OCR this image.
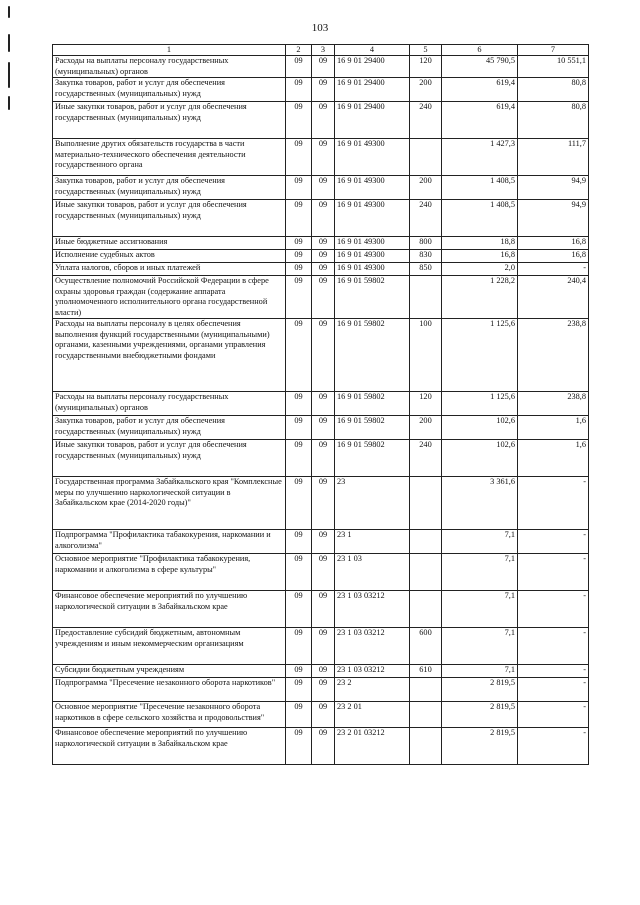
103
1	2	3	4	5	6	7
Расходы на выплаты персоналу государственных (муниципальных) органов	09	09	16 9 01 29400	120	45 790,5	10 551,1
Закупка товаров, работ и услуг для обеспечения государственных (муниципальных) нужд	09	09	16 9 01 29400	200	619,4	80,8
Иные закупки товаров, работ и услуг для обеспечения государственных (муниципальных) нужд	09	09	16 9 01 29400	240	619,4	80,8
Выполнение других обязательств государства в части материально-технического обеспечения деятельности государственного органа	09	09	16 9 01 49300		1 427,3	111,7
Закупка товаров, работ и услуг для обеспечения государственных (муниципальных) нужд	09	09	16 9 01 49300	200	1 408,5	94,9
Иные закупки товаров, работ и услуг для обеспечения государственных (муниципальных) нужд	09	09	16 9 01 49300	240	1 408,5	94,9
Иные бюджетные ассигнования	09	09	16 9 01 49300	800	18,8	16,8
Исполнение судебных актов	09	09	16 9 01 49300	830	16,8	16,8
Уплата налогов, сборов и иных платежей	09	09	16 9 01 49300	850	2,0	-
Осуществление полномочий Российской Федерации в сфере охраны здоровья граждан (содержание аппарата уполномоченного исполнительного органа государственной власти)	09	09	16 9 01 59802		1 228,2	240,4
Расходы на выплаты персоналу в целях обеспечения выполнения функций государственными (муниципальными) органами, казенными учреждениями, органами управления государственными внебюджетными фондами	09	09	16 9 01 59802	100	1 125,6	238,8
Расходы на выплаты персоналу государственных (муниципальных) органов	09	09	16 9 01 59802	120	1 125,6	238,8
Закупка товаров, работ и услуг для обеспечения государственных (муниципальных) нужд	09	09	16 9 01 59802	200	102,6	1,6
Иные закупки товаров, работ и услуг для обеспечения государственных (муниципальных) нужд	09	09	16 9 01 59802	240	102,6	1,6
Государственная программа Забайкальского края "Комплексные меры по улучшению наркологической ситуации в Забайкальском крае (2014-2020 годы)"	09	09	23		3 361,6	-
Подпрограмма "Профилактика табакокурения, наркомании и алкоголизма"	09	09	23 1		7,1	-
Основное мероприятие "Профилактика табакокурения, наркомании и алкоголизма в сфере культуры"	09	09	23 1 03		7,1	-
Финансовое обеспечение мероприятий по улучшению наркологической ситуации в Забайкальском крае	09	09	23 1 03 03212		7,1	-
Предоставление субсидий бюджетным, автономным учреждениям и иным некоммерческим организациям	09	09	23 1 03 03212	600	7,1	-
Субсидии бюджетным учреждениям	09	09	23 1 03 03212	610	7,1	-
Подпрограмма "Пресечение незаконного оборота наркотиков"	09	09	23 2		2 819,5	-
Основное мероприятие "Пресечение незаконного оборота наркотиков в сфере сельского хозяйства и продовольствия"	09	09	23 2 01		2 819,5	-
Финансовое обеспечение мероприятий по улучшению наркологической ситуации в Забайкальском крае	09	09	23 2 01 03212		2 819,5	-
